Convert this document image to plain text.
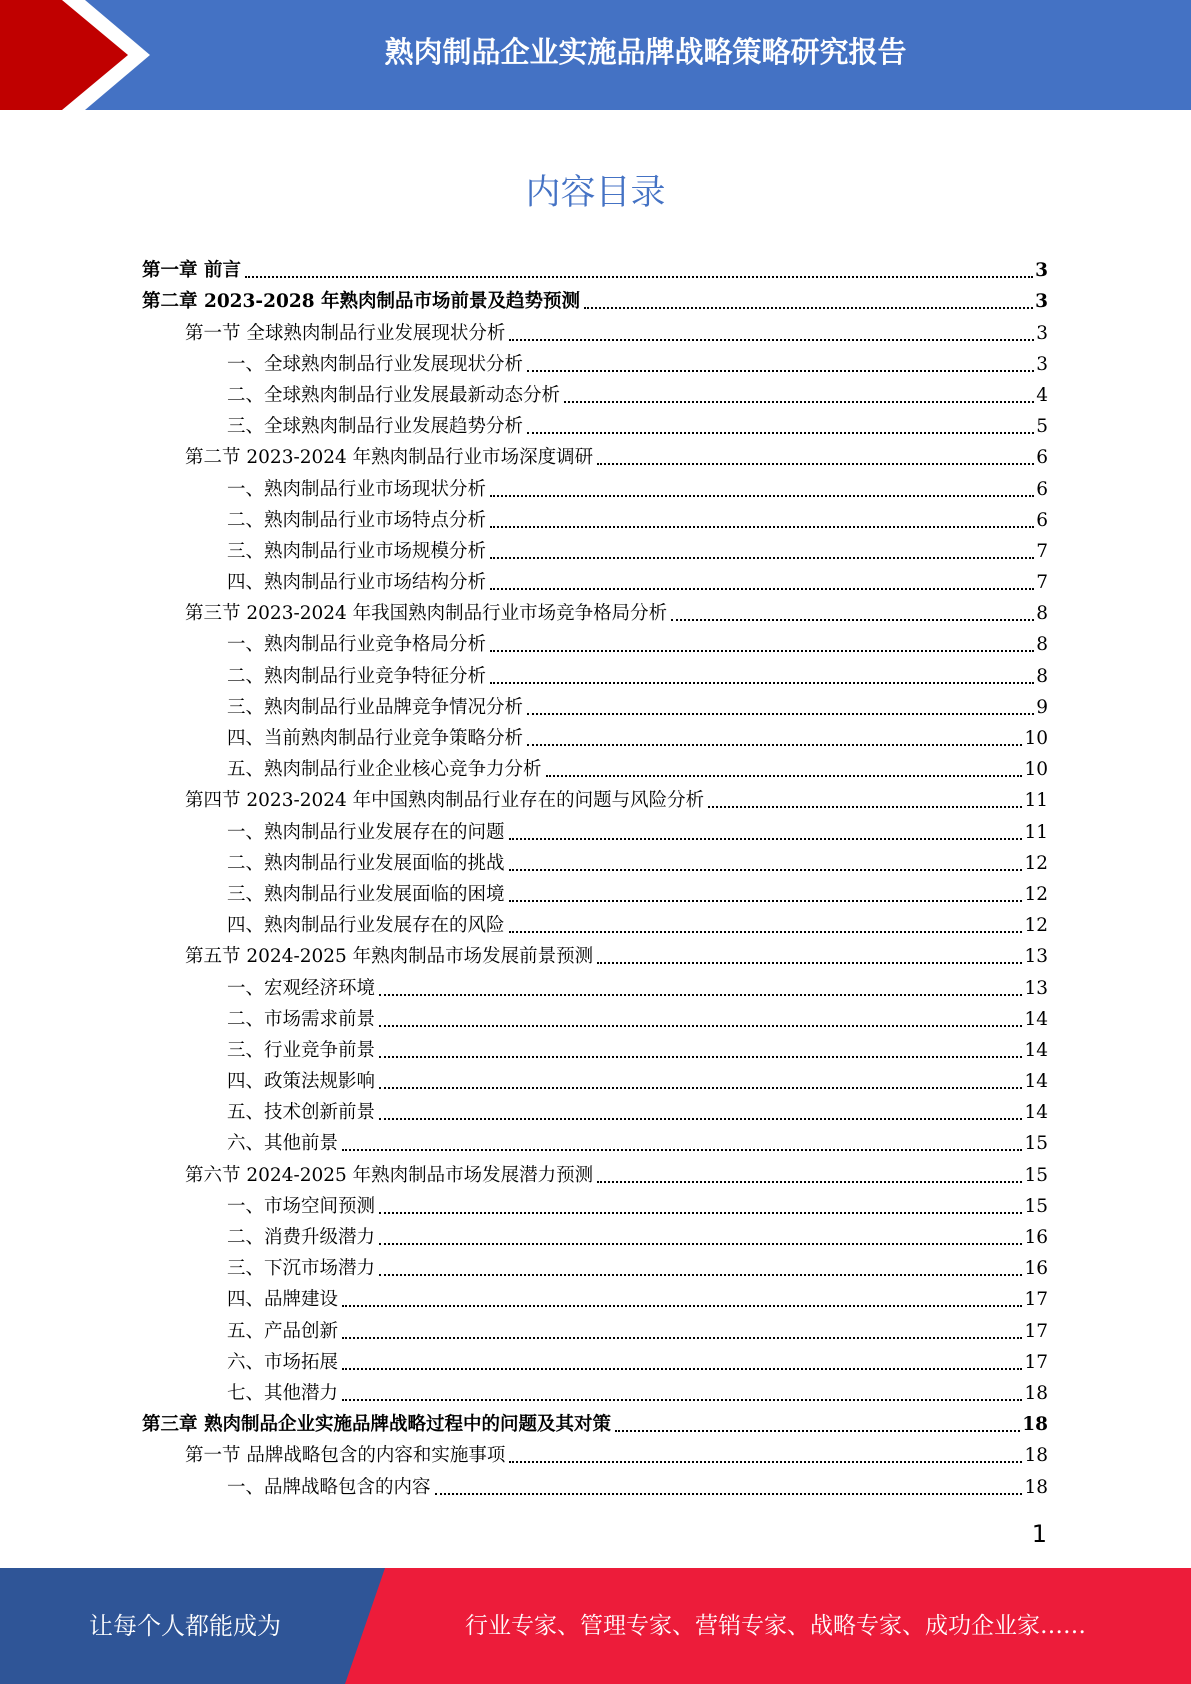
熟肉制品企业实施品牌战略策略研究报告
内容目录
第一章 前言	3
第二章 2023-2028 年熟肉制品市场前景及趋势预测	3
第一节 全球熟肉制品行业发展现状分析	3
一、全球熟肉制品行业发展现状分析	3
二、全球熟肉制品行业发展最新动态分析	4
三、全球熟肉制品行业发展趋势分析	5
第二节 2023-2024 年熟肉制品行业市场深度调研	6
一、熟肉制品行业市场现状分析	6
二、熟肉制品行业市场特点分析	6
三、熟肉制品行业市场规模分析	7
四、熟肉制品行业市场结构分析	7
第三节 2023-2024 年我国熟肉制品行业市场竞争格局分析	8
一、熟肉制品行业竞争格局分析	8
二、熟肉制品行业竞争特征分析	8
三、熟肉制品行业品牌竞争情况分析	9
四、当前熟肉制品行业竞争策略分析	10
五、熟肉制品行业企业核心竞争力分析	10
第四节 2023-2024 年中国熟肉制品行业存在的问题与风险分析	11
一、熟肉制品行业发展存在的问题	11
二、熟肉制品行业发展面临的挑战	12
三、熟肉制品行业发展面临的困境	12
四、熟肉制品行业发展存在的风险	12
第五节 2024-2025 年熟肉制品市场发展前景预测	13
一、宏观经济环境	13
二、市场需求前景	14
三、行业竞争前景	14
四、政策法规影响	14
五、技术创新前景	14
六、其他前景	15
第六节 2024-2025 年熟肉制品市场发展潜力预测	15
一、市场空间预测	15
二、消费升级潜力	16
三、下沉市场潜力	16
四、品牌建设	17
五、产品创新	17
六、市场拓展	17
七、其他潜力	18
第三章 熟肉制品企业实施品牌战略过程中的问题及其对策	18
第一节 品牌战略包含的内容和实施事项	18
一、品牌战略包含的内容	18
1
让每个人都能成为	行业专家、管理专家、营销专家、战略专家、成功企业家……
